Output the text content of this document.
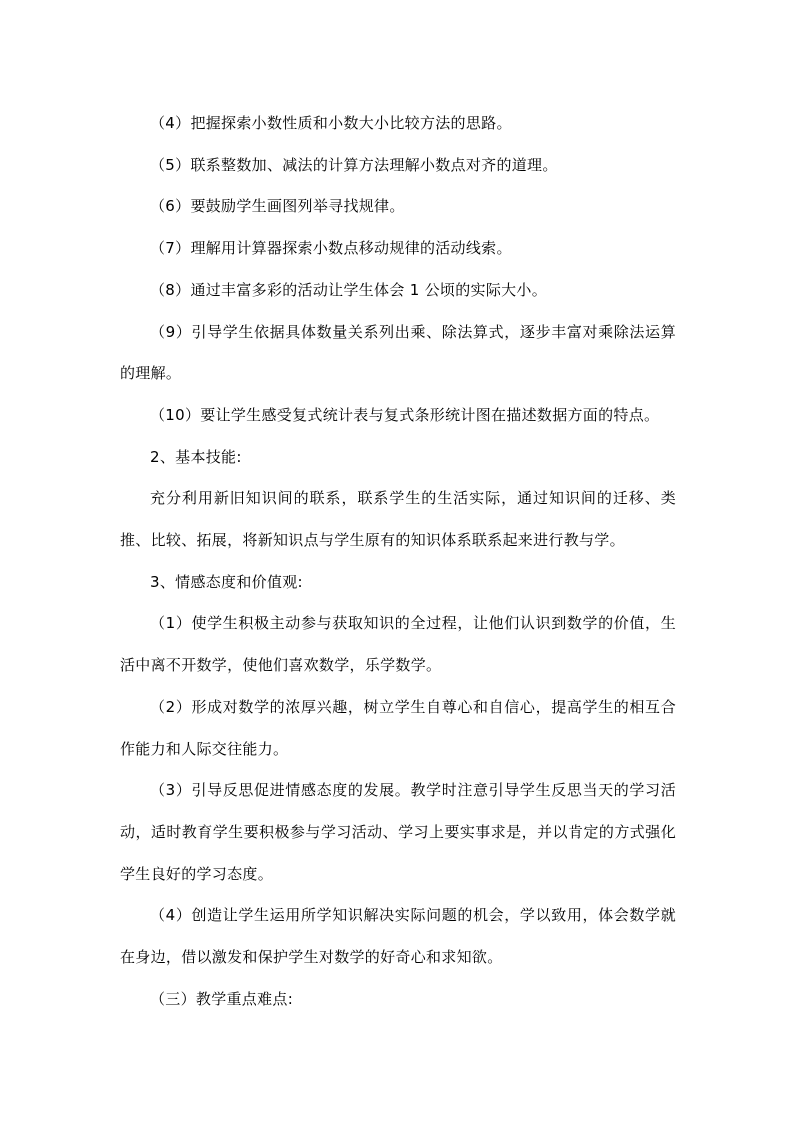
（4）把握探索小数性质和小数大小比较方法的思路。

（5）联系整数加、减法的计算方法理解小数点对齐的道理。

（6）要鼓励学生画图列举寻找规律。

（7）理解用计算器探索小数点移动规律的活动线索。

（8）通过丰富多彩的活动让学生体会 1 公顷的实际大小。

（9）引导学生依据具体数量关系列出乘、除法算式，逐步丰富对乘除法运算的理解。

（10）要让学生感受复式统计表与复式条形统计图在描述数据方面的特点。

2、基本技能:

充分利用新旧知识间的联系，联系学生的生活实际，通过知识间的迁移、类推、比较、拓展，将新知识点与学生原有的知识体系联系起来进行教与学。

3、情感态度和价值观:

（1）使学生积极主动参与获取知识的全过程，让他们认识到数学的价值，生活中离不开数学，使他们喜欢数学，乐学数学。

（2）形成对数学的浓厚兴趣，树立学生自尊心和自信心，提高学生的相互合作能力和人际交往能力。

（3）引导反思促进情感态度的发展。教学时注意引导学生反思当天的学习活动，适时教育学生要积极参与学习活动、学习上要实事求是，并以肯定的方式强化学生良好的学习态度。

（4）创造让学生运用所学知识解决实际问题的机会，学以致用，体会数学就在身边，借以激发和保护学生对数学的好奇心和求知欲。

（三）教学重点难点:
